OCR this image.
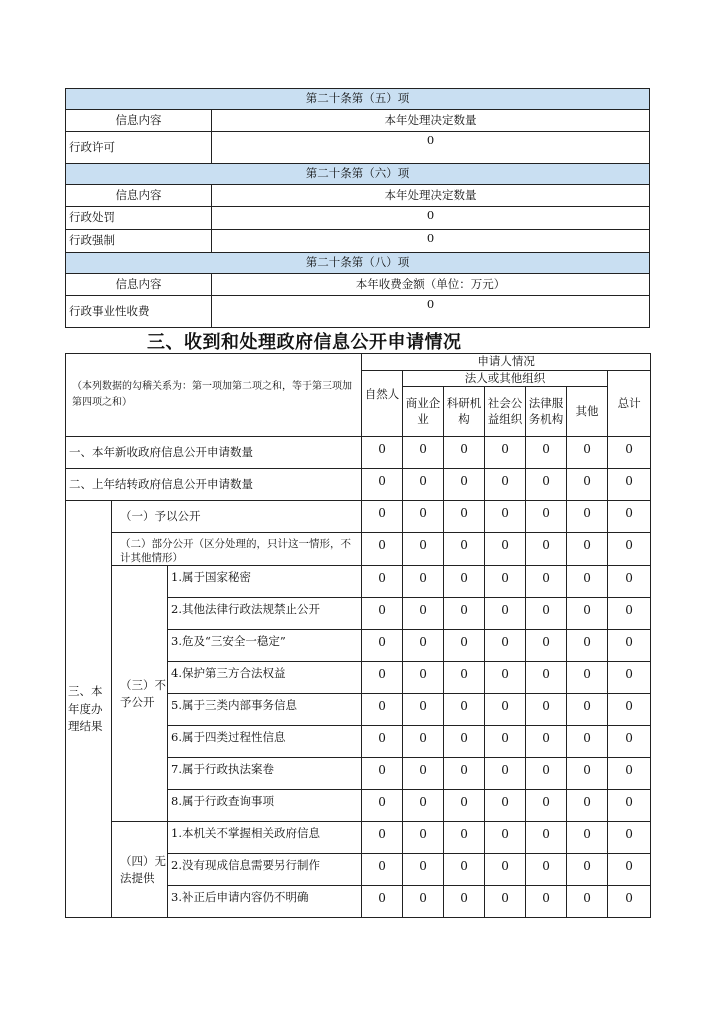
第二十条第（五）项	
信息内容	本年处理决定数量
行政许可	0
第二十条第（六）项	
信息内容	本年处理决定数量
行政处罚	0
行政强制	0
第二十条第（八）项	
信息内容	本年收费金额（单位：万元）
行政事业性收费	0
三、收到和处理政府信息公开申请情况
（本列数据的勾稽关系为：第一项加第二项之和，等于第三项加第四项之和）			申请人情况						
			自然人	法人或其他组织					总计
				商业企业	科研机构	社会公益组织	法律服务机构	其他	
一、本年新收政府信息公开申请数量			0	0	0	0	0	0	0
二、上年结转政府信息公开申请数量			0	0	0	0	0	0	0
三、本年度办理结果	（一）予以公开		0	0	0	0	0	0	0
	（二）部分公开（区分处理的，只计这一情形，不计其他情形）		0	0	0	0	0	0	0
	（三）不予公开	1.属于国家秘密	0	0	0	0	0	0	0
		2.其他法律行政法规禁止公开	0	0	0	0	0	0	0
		3.危及“三安全一稳定”	0	0	0	0	0	0	0
		4.保护第三方合法权益	0	0	0	0	0	0	0
		5.属于三类内部事务信息	0	0	0	0	0	0	0
		6.属于四类过程性信息	0	0	0	0	0	0	0
		7.属于行政执法案卷	0	0	0	0	0	0	0
		8.属于行政查询事项	0	0	0	0	0	0	0
	（四）无法提供	1.本机关不掌握相关政府信息	0	0	0	0	0	0	0
		2.没有现成信息需要另行制作	0	0	0	0	0	0	0
		3.补正后申请内容仍不明确	0	0	0	0	0	0	0
